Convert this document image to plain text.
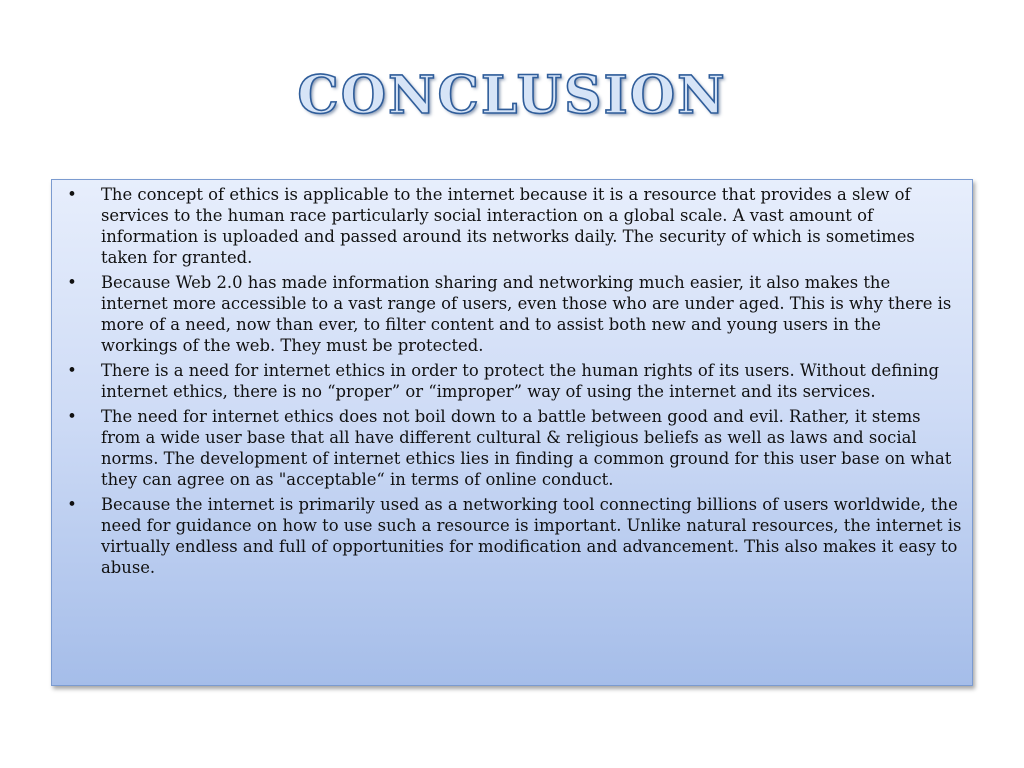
CONCLUSION
•	The concept of ethics is applicable to the internet because it is a resource that provides a slew of services to the human race particularly social interaction on a global scale. A vast amount of information is uploaded and passed around its networks daily. The security of which is sometimes taken for granted.
•	Because Web 2.0 has made information sharing and networking much easier, it also makes the internet more accessible to a vast range of users, even those who are under aged. This is why there is more of a need, now than ever, to filter content and to assist both new and young users in the workings of the web. They must be protected.
•	There is a need for internet ethics in order to protect the human rights of its users. Without defining internet ethics, there is no “proper” or “improper” way of using the internet and its services.
•	The need for internet ethics does not boil down to a battle between good and evil. Rather, it stems from a wide user base that all have different cultural & religious beliefs as well as laws and social norms. The development of internet ethics lies in finding a common ground for this user base on what they can agree on as "acceptable“ in terms of online conduct.
•	Because the internet is primarily used as a networking tool connecting billions of users worldwide, the need for guidance on how to use such a resource is important. Unlike natural resources, the internet is virtually endless and full of opportunities for modification and advancement. This also makes it easy to abuse.
